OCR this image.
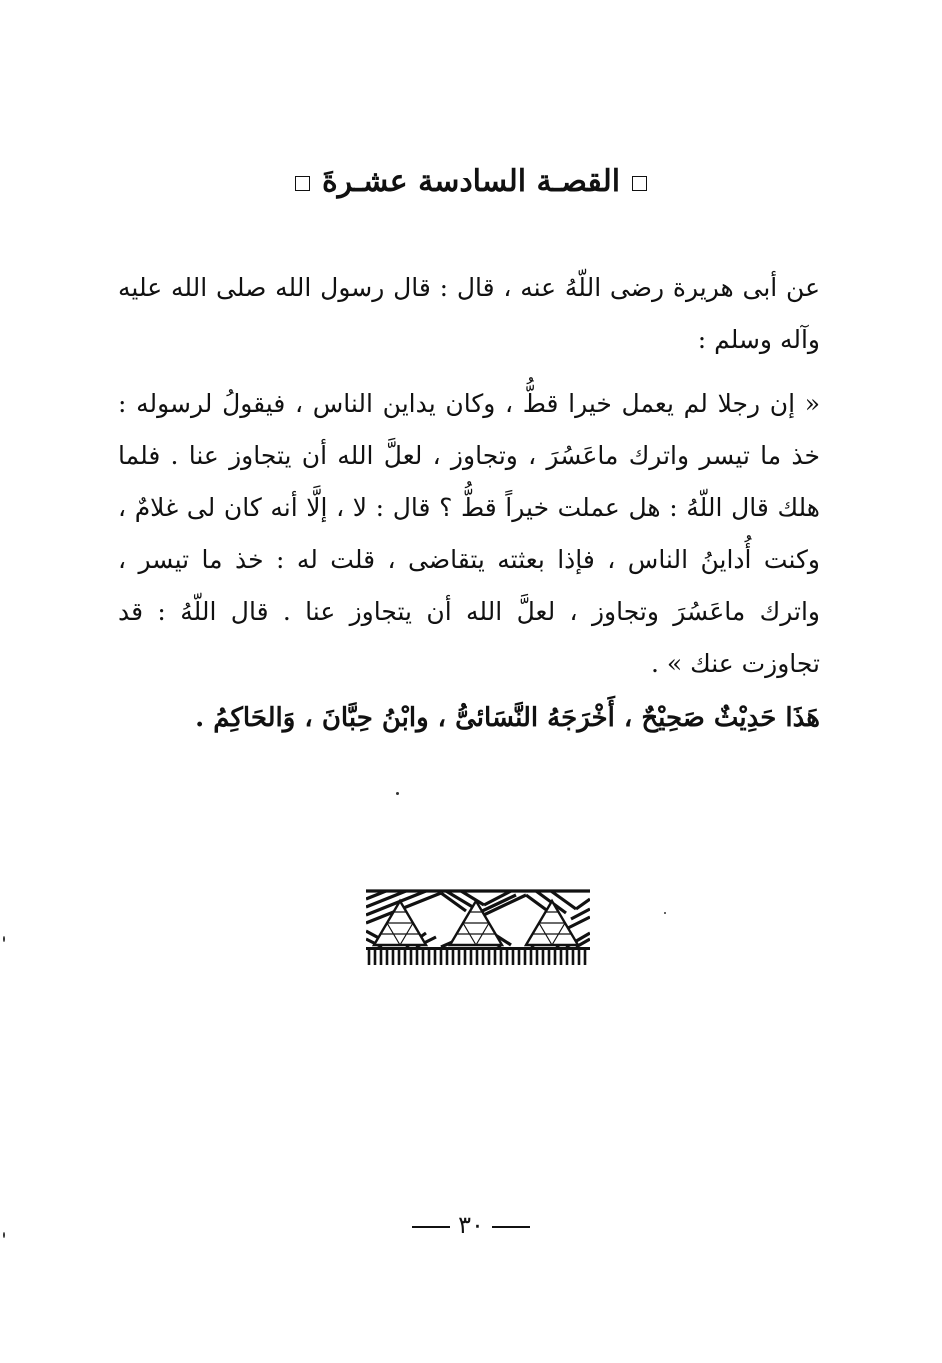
القصـة السادسة عشـرةَ
عن أبى هريرة رضى اللّهُ عنه ، قال : قال رسول الله صلى الله عليه وآله وسلم :
« إن رجلا لم يعمل خيرا قطُّ ، وكان يداين الناس ، فيقولُ لرسوله : خذ ما تيسر واترك ماعَسُرَ ، وتجاوز ، لعلَّ الله أن يتجاوز عنا . فلما هلك قال اللّهُ : هل عملت خيراً قطُّ ؟ قال : لا ، إلَّا أنه كان لى غلامٌ ، وكنت أُداينُ الناس ، فإذا بعثته يتقاضى ، قلت له : خذ ما تيسر ، واترك ماعَسُرَ وتجاوز ، لعلَّ الله أن يتجاوز عنا . قال اللّهُ : قد تجاوزت عنك » .
هَذَا حَدِيْثٌ صَحِيْحٌ ، أَخْرَجَهُ النَّسَائىُّ ، وابْنُ حِبَّانَ ، وَالحَاكِمُ .
٣٠
